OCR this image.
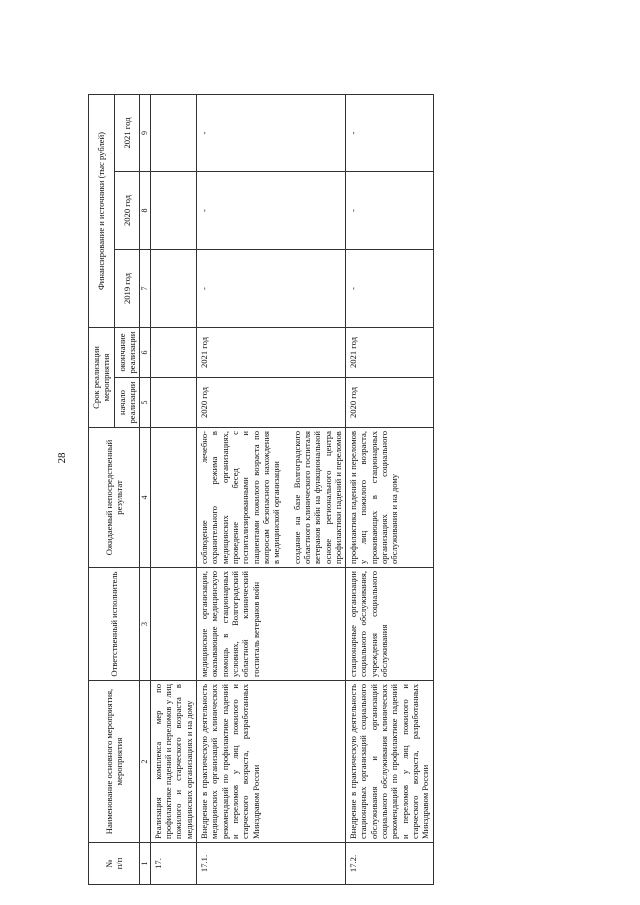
28
№
п/п	Наименование основного мероприятия, мероприятия	Ответственный исполнитель	Ожидаемый непосредственный результат	Срок реализации мероприятия		Финансирование и источники (тыс рублей)		
				начало реализации	окончание реализации	2019 год	2020 год	2021 год
1	2	3	4	5	6	7	8	9
17.	Реализация комплекса мер по профилактике падений и переломов у лиц пожилого и старческого возраста в медицинских организациях и на дому							
17.1.	Внедрение в практическую деятельность медицинских организаций клинических рекомендаций по профилактике падений и переломов у лиц пожилого и старческого возраста, разработанных Минздравом России	медицинские организации, оказывающие медицинскую помощь в стационарных условиях, Волгоградский областной клинический госпиталь ветеранов войн	соблюдение лечебно-охранительного режима в медицинских организациях, проведение бесед с госпитализированными и пациентами пожилого возраста по вопросам безопасного нахождения в медицинской организации создание на базе Волгоградского областного клинического госпиталя ветеранов войн на функциональной основе регионального центра профилактики падений и переломов	2020 год	2021 год	-	-	-
17.2.	Внедрение в практическую деятельность стационарных организаций социального обслуживания и организаций социального обслуживания клинических рекомендаций по профилактике падений и переломов у лиц пожилого и старческого возраста, разработанных Минздравом России	стационарные организации социального обслуживания, учреждения социального обслуживания	профилактика падений и переломов у лиц пожилого возраста, проживающих в стационарных организациях социального обслуживания и на дому	2020 год	2021 год	-	-	-
